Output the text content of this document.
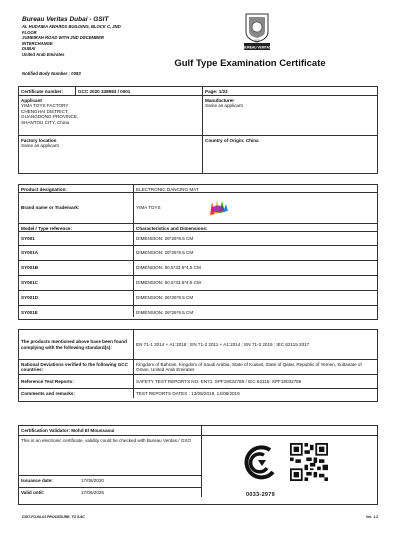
Bureau Veritas Dubai - GSIT
AL HUDAIBA AWARDS BUILDING, BLOCK C, 2ND
FLOOR
JUMEIRAH ROAD WITH 2ND DECEMBER
INTERCHANGE
DUBAI
United Arab Emirates
Notified Body Number : 0083
BUREAU VERITAS
1828
Gulf Type Examination Certificate
Certificate number:	GCC 2020 338983 / 0001	Page: 1/22
Applicant
YIMA TOYS FACTORY
CHENGHAI DISTRICT,
GUANGDONG PROVINCE,
SHANTOU CITY, China
Manufacturer
Same as applicant
Factory location
Same as applicant
Country of Origin: China
Product designation:	ELECTRONIC DANCING MAT
Brand name or Trademark:	YIMA TOYS
Model / Type reference:	Characteristics and Dimensions:
SY001	DIMENSION: 26*26*8.5 CM
SY001A	DIMENSION: 26*26*8.5 CM
SY001B	DIMENSION: 50.5*33.5*4.5 CM
SY001C	DIMENSION: 50.5*33.5*4.5 CM
SY001D	DIMENSION: 26*26*8.5 CM
SY001E	DIMENSION: 26*26*8.5 CM
The products mentioned above have been found complying with the following standard(s):
EN 71-1 2014 + A1:2018 ; EN 71-2 2011 + A1:2014 ; EN 71-3 2019 ; IEC 62115 2017
National Deviations verified to the following GCC countries:
Kingdom of Bahrain, Kingdom of Saudi Arabia, State of Kuwait, State of Qatar, Republic of Yemen, Sultanate of Oman, United Arab Emirates
Reference Test Reports:	SAFETY TEST REPORTS NO: EN71: SPF19032788 / IEC 62115: SPF19032786
Comments and remarks:	TEST REPORTS DATES : 13/08/2019, 14/08/2019
Certification Validator: Mohd El Moussaoui
This is an electronic certificate, validity could be checked with Bureau Veritas / GSO
Issuance date:	17/06/2020
Valid until:	17/06/2025	0033-2979
GSIT-FO-00-01 PROCEDURE, TO 5-5C	Ver. 1.2
